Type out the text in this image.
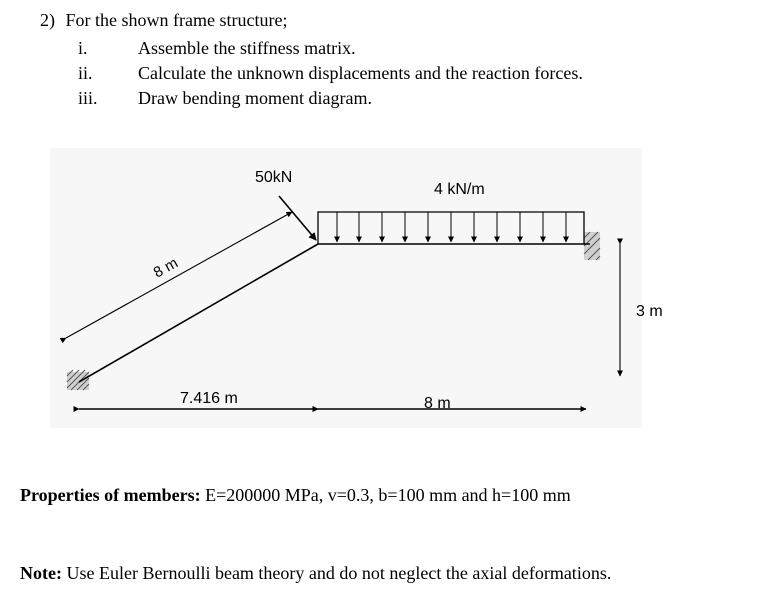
2) For the shown frame structure;
i.	Assemble the stiffness matrix.
ii.	Calculate the unknown displacements and the reaction forces.
iii. Draw bending moment diagram.
8 m
50kN
4 kN/m
3 m
7.416 m	8 m
Properties of members: E=200000 MPa, v=0.3, b=100 mm and h=100 mm
Note: Use Euler Bernoulli beam theory and do not neglect the axial deformations.
